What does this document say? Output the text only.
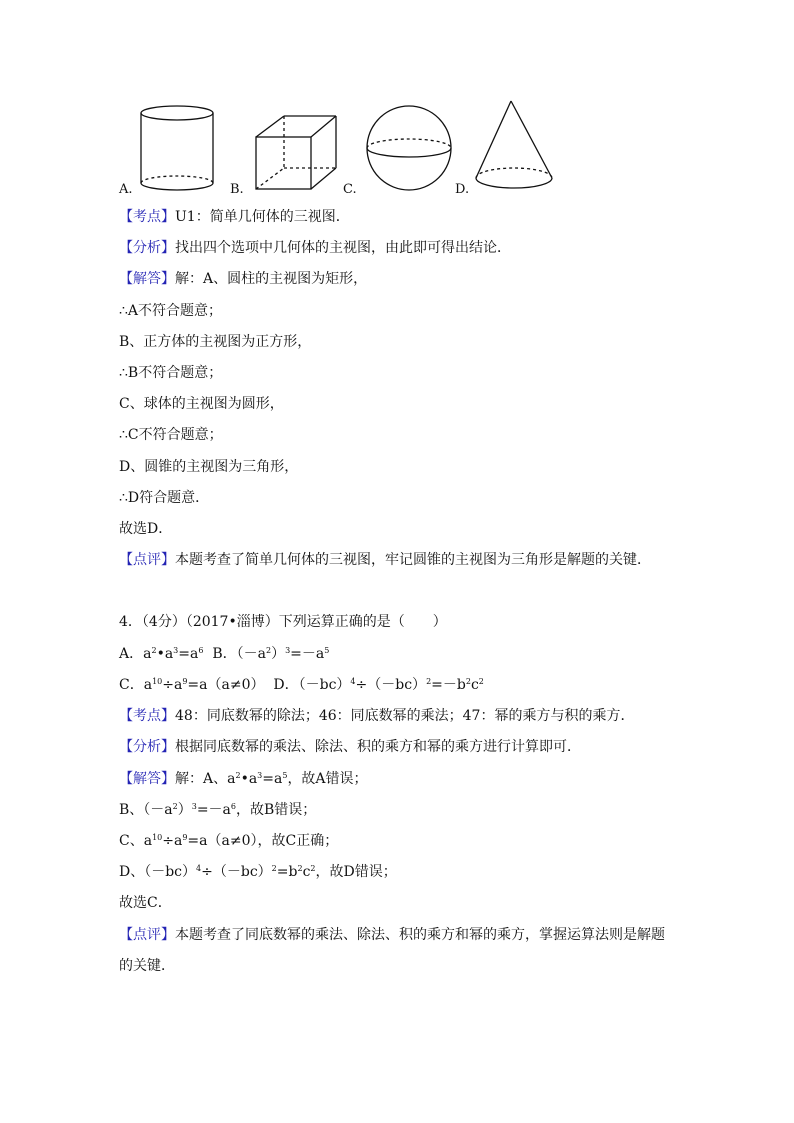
A.	B.	C.	D.
【考点】U1：简单几何体的三视图．
【分析】找出四个选项中几何体的主视图，由此即可得出结论．
【解答】解：A、圆柱的主视图为矩形，
∴A不符合题意；
B、正方体的主视图为正方形，
∴B不符合题意；
C、球体的主视图为圆形，
∴C不符合题意；
D、圆锥的主视图为三角形，
∴D符合题意．
故选D．
【点评】本题考查了简单几何体的三视图，牢记圆锥的主视图为三角形是解题的关键．
4．（4分）（2017•淄博）下列运算正确的是（　　）
A．$a^2•a^3=a^6$ B．$(-a^2)^3=-a^5$
C．$a^{10}\div a^9=a(a\ne 0)$  D．$(-bc)^4\div(-bc)^2=-b^2c^2$
【考点】48：同底数幂的除法；46：同底数幂的乘法；47：幂的乘方与积的乘方．
【分析】根据同底数幂的乘法、除法、积的乘方和幂的乘方进行计算即可．
【解答】解：A、$a^2•a^3=a^5$，故A错误；
B、$(-a^2)^3=-a^6$，故B错误；
C、$a^{10}\div a^9=a(a\ne 0)$，故C正确；
D、$(-bc)^4\div(-bc)^2=b^2c^2$，故D错误；
故选C．
【点评】本题考查了同底数幂的乘法、除法、积的乘方和幂的乘方，掌握运算法则是解题
的关键．
